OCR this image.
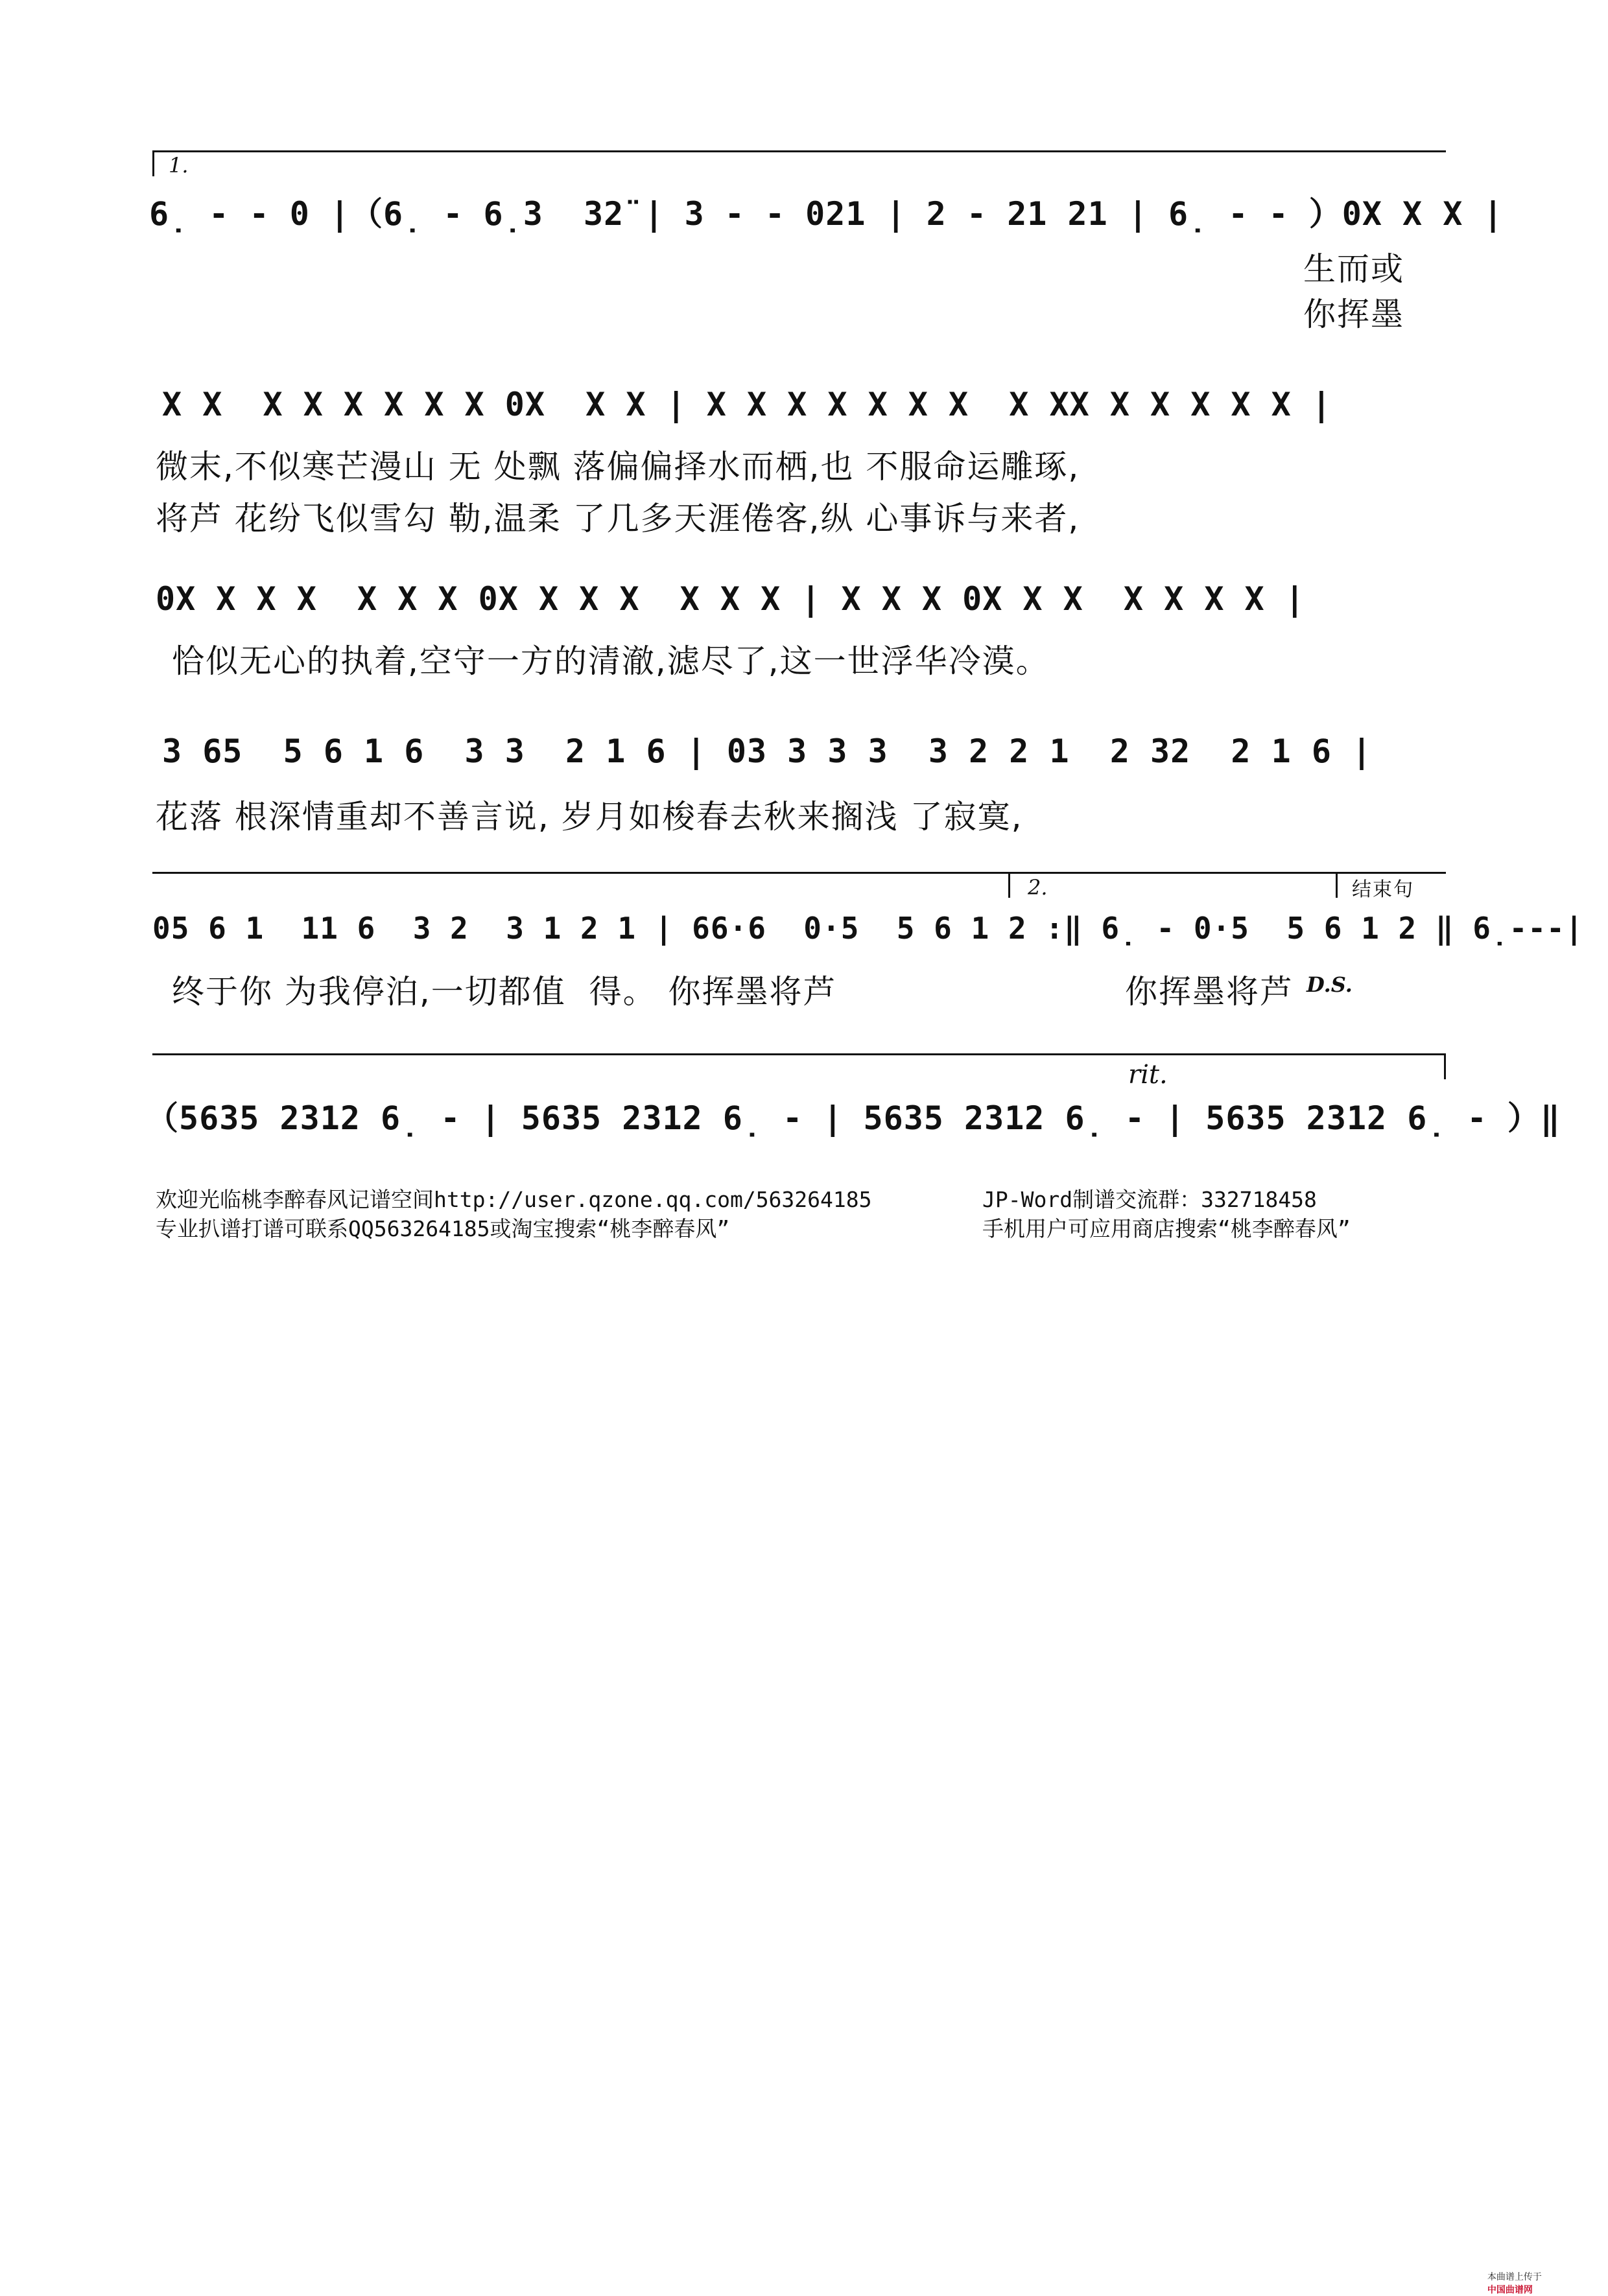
1.
6̣ - - 0 |（6̣ - 6̣3  32̈ | 3 - - 021 | 2 - 21 21 | 6̣ - - ）0X X X |
生而或
你挥墨
X X  X X X X X X 0X  X X | X X X X X X X  X XX X X X X X |
微末,不似寒芒漫山 无 处飘 落偏偏择水而栖,也 不服命运雕琢,
将芦 花纷飞似雪勾 勒,温柔 了几多天涯倦客,纵 心事诉与来者,
0X X X X  X X X 0X X X X  X X X | X X X 0X X X  X X X X |
恰似无心的执着,空守一方的清澈,滤尽了,这一世浮华冷漠。
3 65  5 6 1 6  3 3  2 1 6 | 03 3 3 3  3 2 2 1  2 32  2 1 6 |
花落 根深情重却不善言说, 岁月如梭春去秋来搁浅 了寂寞,
2.	结束句
05 6 1  11 6  3 2  3 1 2 1 | 66·6  0·5  5 6 1 2 :‖ 6̣ - 0·5  5 6 1 2 ‖ 6̣---|
终于你 为我停泊,一切都值  得。 你挥墨将芦	你挥墨将芦 D.S.
rit.
（5635 2312 6̣ - | 5635 2312 6̣ - | 5635 2312 6̣ - | 5635 2312 6̣ - ）‖
欢迎光临桃李醉春风记谱空间http://user.qzone.qq.com/563264185	JP-Word制谱交流群：332718458
专业扒谱打谱可联系QQ563264185或淘宝搜索“桃李醉春风”	手机用户可应用商店搜索“桃李醉春风”

本曲谱上传于
中国曲谱网
